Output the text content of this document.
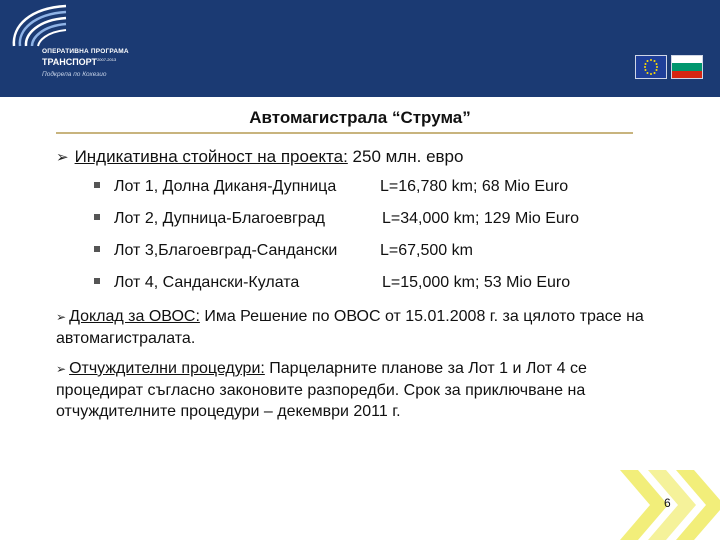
ОПЕРАТИВНА ПРОГРАМА
$ТРАНСПОРТ^{2007-2013}$
Подкрепа по Кохезио
Автомагистрала “Струма”
➢ Индикативна стойност на проекта: 250 млн. евро
Лот 1, Долна Диканя-Дупница	L=16,780 km; 68 Mio Euro
Лот 2, Дупница-Благоевград	L=34,000 km; 129 Mio Euro
Лот 3,Благоевград-Сандански	L=67,500 km
Лот 4, Сандански-Кулата	L=15,000 km; 53 Mio Euro
➢ Доклад за ОВОС: Има Решение по ОВОС от 15.01.2008 г. за цялото трасе на автомагистралата.
➢ Отчуждителни процедури: Парцеларните планове за Лот 1 и Лот 4 се процедират съгласно законовите разпоредби. Срок за приключване на отчуждителните процедури – декември 2011 г.
6
